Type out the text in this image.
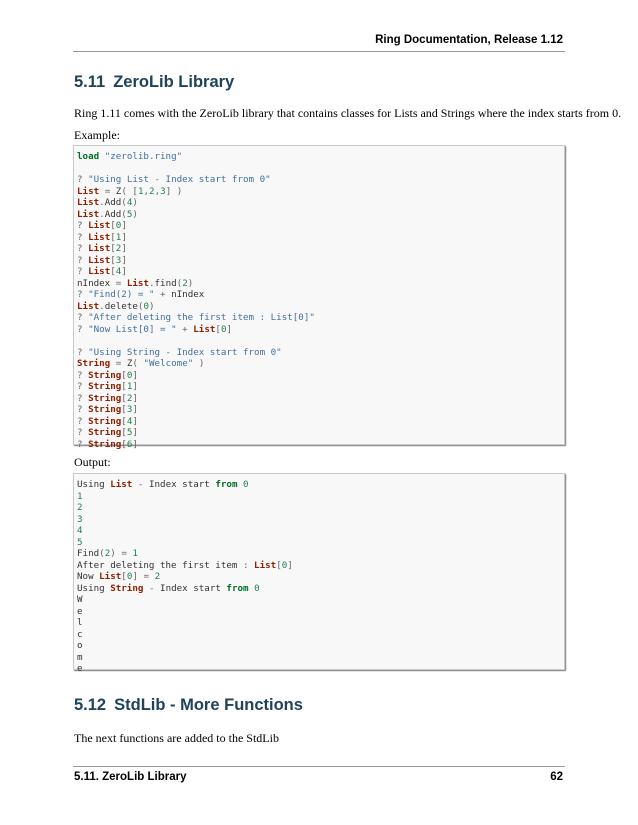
Ring Documentation, Release 1.12
5.11 ZeroLib Library

Ring 1.11 comes with the ZeroLib library that contains classes for Lists and Strings where the index starts from 0.

Example:

load "zerolib.ring"
? "Using List - Index start from 0"
List = Z( [1,2,3] )
List.Add(4)
List.Add(5)
? List[0]
? List[1]
? List[2]
? List[3]
? List[4]
nIndex = List.find(2)
? "Find(2) = " + nIndex
List.delete(0)
? "After deleting the first item : List[0]"
? "Now List[0] = " + List[0]
? "Using String - Index start from 0"
String = Z( "Welcome" )
? String[0]
? String[1]
? String[2]
? String[3]
? String[4]
? String[5]
? String[6]

Output:

Using List - Index start from 0
1
2
3
4
5
Find(2) = 1
After deleting the first item : List[0]
Now List[0] = 2
Using String - Index start from 0
W
e
l
c
o
m
e
5.12 StdLib - More Functions

The next functions are added to the StdLib

5.11. ZeroLib Library	62
